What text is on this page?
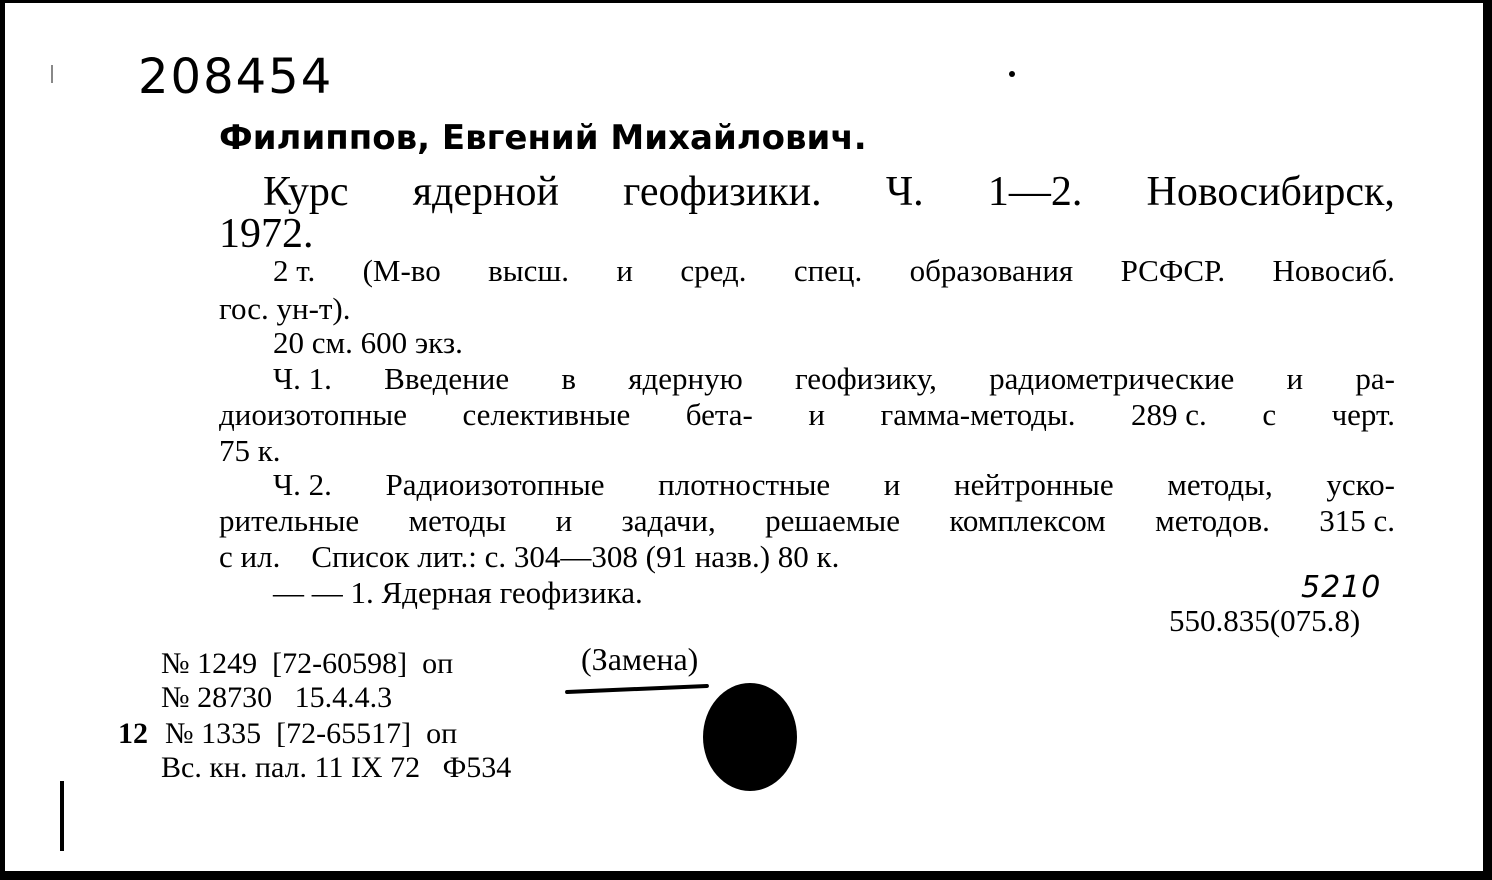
208454
Филиппов, Евгений Михайлович.
Курс ядерной геофизики. Ч. 1—2. Новосибирск,
1972.
2 т. (М-во высш. и сред. спец. образования РСФСР. Новосиб.
гос. ун-т).
20 см. 600 экз.
Ч. 1. Введение в ядерную геофизику, радиометрические и ра-
диоизотопные селективные бета- и гамма-методы. 289 с. с черт.
75 к.
Ч. 2. Радиоизотопные плотностные и нейтронные методы, уско-
рительные методы и задачи, решаемые комплексом методов. 315 с.
с ил.    Список лит.: с. 304—308 (91 назв.) 80 к.
— — 1. Ядерная геофизика.	5210
550.835(075.8)
№ 1249  [72-60598]  оп	(Замена)
№ 28730   15.4.4.3
12 № 1335  [72-65517]  оп
Вс. кн. пал. 11 IX 72   Ф534
